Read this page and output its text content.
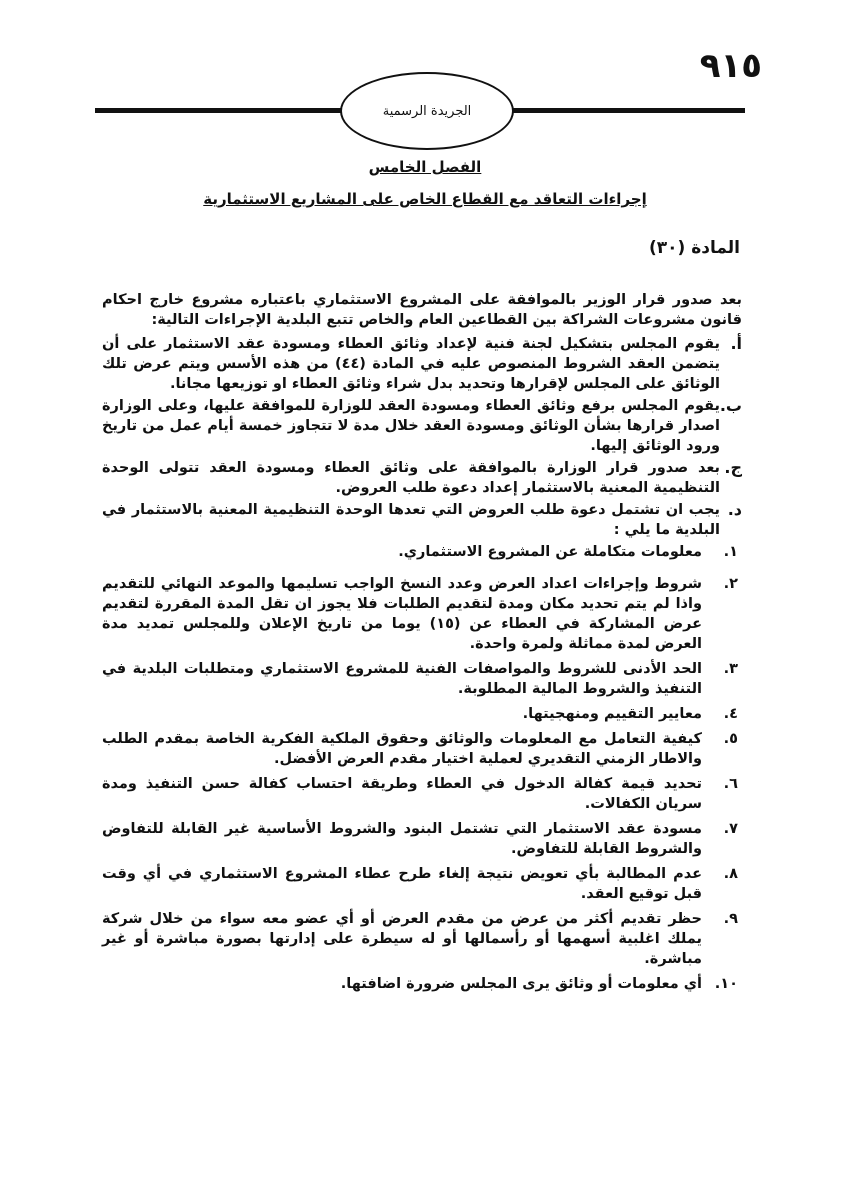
٩١٥
الجريدة الرسمية
الفصل الخامس
إجراءات التعاقد مع القطاع الخاص على المشاريع الاستثمارية
المادة (٣٠)

بعد صدور قرار الوزير بالموافقة على المشروع الاستثماري باعتباره مشروع خارج احكام قانون مشروعات الشراكة بين القطاعين العام والخاص تتبع البلدية الإجراءات التالية:

أ.
يقوم المجلس بتشكيل لجنة فنية لإعداد وثائق العطاء ومسودة عقد الاستثمار على أن يتضمن العقد الشروط المنصوص عليه في المادة (٤٤) من هذه الأسس ويتم عرض تلك الوثائق على المجلس لإقرارها وتحديد بدل شراء وثائق العطاء او توزيعها مجانا.
ب.
يقوم المجلس برفع وثائق العطاء ومسودة العقد للوزارة للموافقة عليها، وعلى الوزارة اصدار قرارها بشأن الوثائق ومسودة العقد خلال مدة لا تتجاوز خمسة أيام عمل من تاريخ ورود الوثائق إليها.
ج.
بعد صدور قرار الوزارة بالموافقة على وثائق العطاء ومسودة العقد تتولى الوحدة التنظيمية المعنية بالاستثمار إعداد دعوة طلب العروض.
د.
يجب ان تشتمل دعوة طلب العروض التي تعدها الوحدة التنظيمية المعنية بالاستثمار في البلدية ما يلي :
١.
معلومات متكاملة عن المشروع الاستثماري.
٢.
شروط وإجراءات اعداد العرض وعدد النسخ الواجب تسليمها والموعد النهائي للتقديم واذا لم يتم تحديد مكان ومدة لتقديم الطلبات فلا يجوز ان تقل المدة المقررة لتقديم عرض المشاركة في العطاء عن (١٥) يوما من تاريخ الإعلان وللمجلس تمديد مدة العرض لمدة مماثلة ولمرة واحدة.
٣.
الحد الأدنى للشروط والمواصفات الفنية للمشروع الاستثماري ومتطلبات البلدية في التنفيذ والشروط المالية المطلوبة.
٤.
معايير التقييم ومنهجيتها.
٥.
كيفية التعامل مع المعلومات والوثائق وحقوق الملكية الفكرية الخاصة بمقدم الطلب والاطار الزمني التقديري لعملية اختيار مقدم العرض الأفضل.
٦.
تحديد قيمة كفالة الدخول في العطاء وطريقة احتساب كفالة حسن التنفيذ ومدة سريان الكفالات.
٧.
مسودة عقد الاستثمار التي تشتمل البنود والشروط الأساسية غير القابلة للتفاوض والشروط القابلة للتفاوض.
٨.
عدم المطالبة بأي تعويض نتيجة إلغاء طرح عطاء المشروع الاستثماري في أي وقت قبل توقيع العقد.
٩.
حظر تقديم أكثر من عرض من مقدم العرض أو أي عضو معه سواء من خلال شركة يملك اغلبية أسهمها أو رأسمالها أو له سيطرة على إدارتها بصورة مباشرة أو غير مباشرة.
١٠.
أي معلومات أو وثائق يرى المجلس ضرورة اضافتها.
